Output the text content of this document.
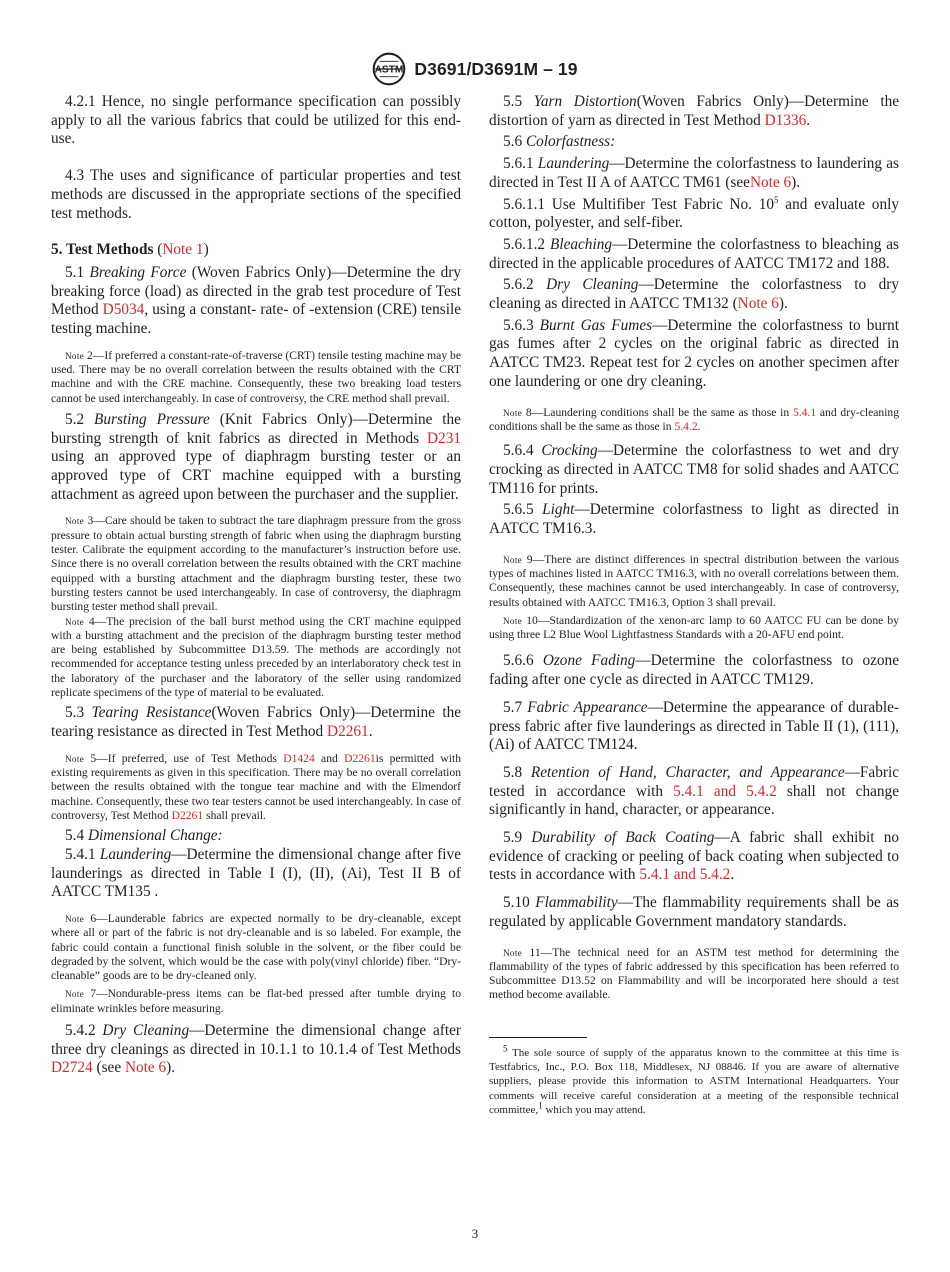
ASTM D3691/D3691M – 19

4.2.1 Hence, no single performance specification can possibly apply to all the various fabrics that could be utilized for this end-use.

4.3 The uses and significance of particular properties and test methods are discussed in the appropriate sections of the specified test methods.

5. Test Methods (Note 1)

5.1 Breaking Force (Woven Fabrics Only)—Determine the dry breaking force (load) as directed in the grab test procedure of Test Method D5034, using a constant- rate- of -extension (CRE) tensile testing machine.

Note 2—If preferred a constant-rate-of-traverse (CRT) tensile testing machine may be used. There may be no overall correlation between the results obtained with the CRT machine and with the CRE machine. Consequently, these two breaking load testers cannot be used interchangeably. In case of controversy, the CRE method shall prevail.

5.2 Bursting Pressure (Knit Fabrics Only)—Determine the bursting strength of knit fabrics as directed in Methods D231 using an approved type of diaphragm bursting tester or an approved type of CRT machine equipped with a bursting attachment as agreed upon between the purchaser and the supplier.

Note 3—Care should be taken to subtract the tare diaphragm pressure from the gross pressure to obtain actual bursting strength of fabric when using the diaphragm bursting tester. Calibrate the equipment according to the manufacturer’s instruction before use. Since there is no overall correlation between the results obtained with the CRT machine equipped with a bursting attachment and the diaphragm bursting tester, these two bursting testers cannot be used interchangeably. In case of controversy, the diaphragm bursting tester method shall prevail.

Note 4—The precision of the ball burst method using the CRT machine equipped with a bursting attachment and the precision of the diaphragm bursting tester method are being established by Subcommittee D13.59. The methods are accordingly not recommended for acceptance testing unless preceded by an interlaboratory check test in the laboratory of the purchaser and the laboratory of the seller using randomized replicate specimens of the type of material to be evaluated.

5.3 Tearing Resistance(Woven Fabrics Only)—Determine the tearing resistance as directed in Test Method D2261.

Note 5—If preferred, use of Test Methods D1424 and D2261is permitted with existing requirements as given in this specification. There may be no overall correlation between the results obtained with the tongue tear machine and with the Elmendorf machine. Consequently, these two tear testers cannot be used interchangeably. In case of controversy, Test Method D2261 shall prevail.

5.4 Dimensional Change:

5.4.1 Laundering—Determine the dimensional change after five launderings as directed in Table I (I), (II), (Ai), Test II B of AATCC TM135 .

Note 6—Launderable fabrics are expected normally to be dry-cleanable, except where all or part of the fabric is not dry-cleanable and is so labeled. For example, the fabric could contain a functional finish soluble in the solvent, or the fiber could be degraded by the solvent, which would be the case with poly(vinyl chloride) fiber. “Dry-cleanable” goods are to be dry-cleaned only.

Note 7—Nondurable-press items can be flat-bed pressed after tumble drying to eliminate wrinkles before measuring.

5.4.2 Dry Cleaning—Determine the dimensional change after three dry cleanings as directed in 10.1.1 to 10.1.4 of Test Methods D2724 (see Note 6).

5.5 Yarn Distortion(Woven Fabrics Only)—Determine the distortion of yarn as directed in Test Method D1336.

5.6 Colorfastness:

5.6.1 Laundering—Determine the colorfastness to laundering as directed in Test II A of AATCC TM61 (seeNote 6).

5.6.1.1 Use Multifiber Test Fabric No. $10^5$ and evaluate only cotton, polyester, and self-fiber.

5.6.1.2 Bleaching—Determine the colorfastness to bleaching as directed in the applicable procedures of AATCC TM172 and 188.

5.6.2 Dry Cleaning—Determine the colorfastness to dry cleaning as directed in AATCC TM132 (Note 6).

5.6.3 Burnt Gas Fumes—Determine the colorfastness to burnt gas fumes after 2 cycles on the original fabric as directed in AATCC TM23. Repeat test for 2 cycles on another specimen after one laundering or one dry cleaning.

Note 8—Laundering conditions shall be the same as those in 5.4.1 and dry-cleaning conditions shall be the same as those in 5.4.2.

5.6.4 Crocking—Determine the colorfastness to wet and dry crocking as directed in AATCC TM8 for solid shades and AATCC TM116 for prints.

5.6.5 Light—Determine colorfastness to light as directed in AATCC TM16.3.

Note 9—There are distinct differences in spectral distribution between the various types of machines listed in AATCC TM16.3, with no overall correlations between them. Consequently, these machines cannot be used interchangeably. In case of controversy, results obtained with AATCC TM16.3, Option 3 shall prevail.

Note 10—Standardization of the xenon-arc lamp to 60 AATCC FU can be done by using three L2 Blue Wool Lightfastness Standards with a 20-AFU end point.

5.6.6 Ozone Fading—Determine the colorfastness to ozone fading after one cycle as directed in AATCC TM129.

5.7 Fabric Appearance—Determine the appearance of durable-press fabric after five launderings as directed in Table II (1), (111), (Ai) of AATCC TM124.

5.8 Retention of Hand, Character, and Appearance—Fabric tested in accordance with 5.4.1 and 5.4.2 shall not change significantly in hand, character, or appearance.

5.9 Durability of Back Coating—A fabric shall exhibit no evidence of cracking or peeling of back coating when subjected to tests in accordance with 5.4.1 and 5.4.2.

5.10 Flammability—The flammability requirements shall be as regulated by applicable Government mandatory standards.

Note 11—The technical need for an ASTM test method for determining the flammability of the types of fabric addressed by this specification has been referred to Subcommittee D13.52 on Flammability and will be incorporated here should a test method become available.

$^5$ The sole source of supply of the apparatus known to the committee at this time is Testfabrics, Inc., P.O. Box 118, Middlesex, NJ 08846. If you are aware of alternative suppliers, please provide this information to ASTM International Headquarters. Your comments will receive careful consideration at a meeting of the responsible technical committee,$^1$ which you may attend.

3
